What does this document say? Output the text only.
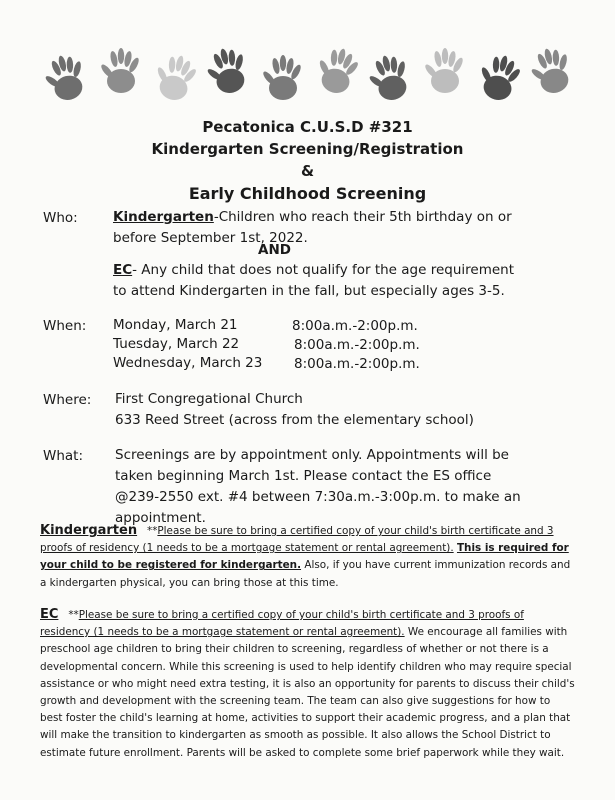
Pecatonica C.U.S.D #321
Kindergarten Screening/Registration
&
Early Childhood Screening
Who:	Kindergarten-Children who reach their 5th birthday on or
before September 1st, 2022.
AND
EC- Any child that does not qualify for the age requirement
to attend Kindergarten in the fall, but especially ages 3-5.
When: Monday, March 21	8:00a.m.-2:00p.m.
Tuesday, March 22	8:00a.m.-2:00p.m.
Wednesday, March 23 8:00a.m.-2:00p.m.
Where: First Congregational Church
633 Reed Street (across from the elementary school)
What: Screenings are by appointment only. Appointments will be
taken beginning March 1st. Please contact the ES office
@239-2550 ext. #4 between 7:30a.m.-3:00p.m. to make an
appointment.
Kindergarten **Please be sure to bring a certified copy of your child's birth certificate and 3 proofs of residency (1 needs to be a mortgage statement or rental agreement). This is required for your child to be registered for kindergarten. Also, if you have current immunization records and a kindergarten physical, you can bring those at this time.
EC **Please be sure to bring a certified copy of your child's birth certificate and 3 proofs of residency (1 needs to be a mortgage statement or rental agreement). We encourage all families with preschool age children to bring their children to screening, regardless of whether or not there is a developmental concern. While this screening is used to help identify children who may require special assistance or who might need extra testing, it is also an opportunity for parents to discuss their child's growth and development with the screening team. The team can also give suggestions for how to best foster the child's learning at home, activities to support their academic progress, and a plan that will make the transition to kindergarten as smooth as possible. It also allows the School District to estimate future enrollment. Parents will be asked to complete some brief paperwork while they wait.
